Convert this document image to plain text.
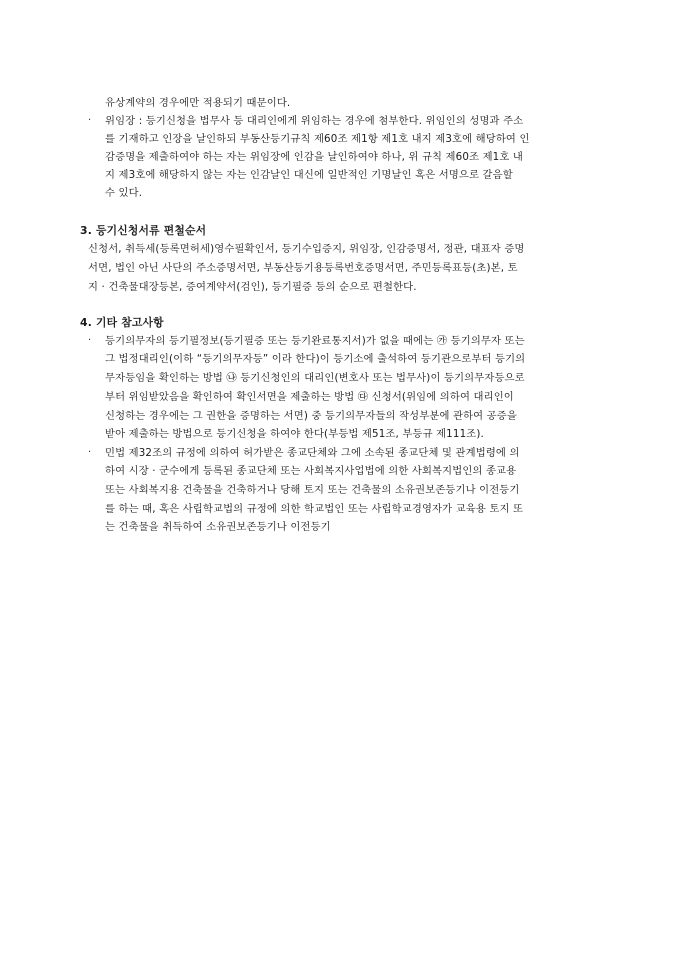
유상계약의 경우에만 적용되기 때문이다.
· 위임장 : 등기신청을 법무사 등 대리인에게 위임하는 경우에 첨부한다. 위임인의 성명과 주소
를 기재하고 인장을 날인하되 부동산등기규칙 제60조 제1항 제1호 내지 제3호에 해당하여 인
감증명을 제출하여야 하는 자는 위임장에 인감을 날인하여야 하나, 위 규칙 제60조 제1호 내
지 제3호에 해당하지 않는 자는 인감날인 대신에 일반적인 기명날인 혹은 서명으로 갈음할
수 있다.
3. 등기신청서류 편철순서
신청서, 취득세(등록면허세)영수필확인서, 등기수입증지, 위임장, 인감증명서, 정관, 대표자 증명
서면, 법인 아닌 사단의 주소증명서면, 부동산등기용등록번호증명서면, 주민등록표등(초)본, 토
지 · 건축물대장등본, 증여계약서(검인), 등기필증 등의 순으로 편철한다.
4. 기타 참고사항
· 등기의무자의 등기필정보(등기필증 또는 등기완료통지서)가 없을 때에는 ㉮ 등기의무자 또는
그 법정대리인(이하 “등기의무자등” 이라 한다)이 등기소에 출석하여 등기관으로부터 등기의
무자등임을 확인하는 방법 ㉯ 등기신청인의 대리인(변호사 또는 법무사)이 등기의무자등으로
부터 위임받았음을 확인하여 확인서면을 제출하는 방법 ㉰ 신청서(위임에 의하여 대리인이
신청하는 경우에는 그 권한을 증명하는 서면) 중 등기의무자들의 작성부분에 관하여 공증을
받아 제출하는 방법으로 등기신청을 하여야 한다(부등법 제51조, 부등규 제111조).
· 민법 제32조의 규정에 의하여 허가받은 종교단체와 그에 소속된 종교단체 및 관계법령에 의
하여 시장 · 군수에게 등록된 종교단체 또는 사회복지사업법에 의한 사회복지법인의 종교용
또는 사회복지용 건축물을 건축하거나 당해 토지 또는 건축물의 소유권보존등기나 이전등기
를 하는 때, 혹은 사립학교법의 규정에 의한 학교법인 또는 사립학교경영자가 교육용 토지 또
는 건축물을 취득하여 소유권보존등기나 이전등기
